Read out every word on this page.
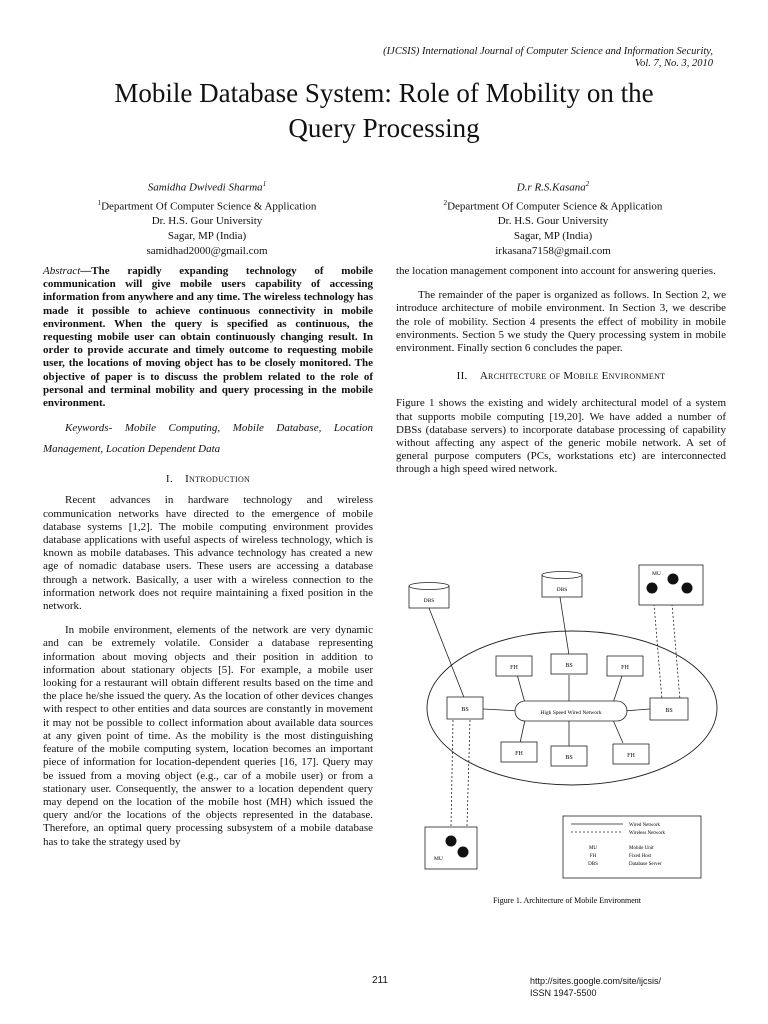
(IJCSIS) International Journal of Computer Science and Information Security,
Vol. 7, No. 3, 2010
Mobile Database System: Role of Mobility on the
Query Processing
Samidha Dwivedi Sharma$^1$
$^1$Department Of Computer Science & Application
Dr. H.S. Gour University
Sagar, MP (India)
samidhad2000@gmail.com
D.r R.S.Kasana$^2$
$^2$Department Of Computer Science & Application
Dr. H.S. Gour University
Sagar, MP (India)
irkasana7158@gmail.com

Abstract—The rapidly expanding technology of mobile communication will give mobile users capability of accessing information from anywhere and any time. The wireless technology has made it possible to achieve continuous connectivity in mobile environment. When the query is specified as continuous, the requesting mobile user can obtain continuously changing result. In order to provide accurate and timely outcome to requesting mobile user, the locations of moving object has to be closely monitored. The objective of paper is to discuss the problem related to the role of personal and terminal mobility and query processing in the mobile environment.

Keywords- Mobile Computing, Mobile Database, Location Management, Location Dependent Data

I. Introduction

Recent advances in hardware technology and wireless communication networks have directed to the emergence of mobile database systems [1,2]. The mobile computing environment provides database applications with useful aspects of wireless technology, which is known as mobile databases. This advance technology has created a new age of nomadic database users. These users are accessing a database through a network. Basically, a user with a wireless connection to the information network does not require maintaining a fixed position in the network.

In mobile environment, elements of the network are very dynamic and can be extremely volatile. Consider a database representing information about moving objects and their position in addition to information about stationary objects [5]. For example, a mobile user looking for a restaurant will obtain different results based on the time and the place he/she issued the query. As the location of other devices changes with respect to other entities and data sources are constantly in movement it may not be possible to collect information about available data sources at any given point of time. As the mobility is the most distinguishing feature of the mobile computing system, location becomes an important piece of information for location-dependent queries [16, 17]. Query may be issued from a moving object (e.g., car of a mobile user) or from a stationary user. Consequently, the answer to a location dependent query may depend on the location of the mobile host (MH) which issued the query and/or the locations of the objects represented in the database. Therefore, an optimal query processing subsystem of a mobile database has to take the strategy used by

the location management component into account for answering queries.

The remainder of the paper is organized as follows. In Section 2, we introduce architecture of mobile environment. In Section 3, we describe the role of mobility. Section 4 presents the effect of mobility in mobile environments. Section 5 we study the Query processing system in mobile environment. Finally section 6 concludes the paper.

II. Architecture of Mobile Environment

Figure 1 shows the existing and widely architectural model of a system that supports mobile computing [19,20]. We have added a number of DBSs (database servers) to incorporate database processing of capability without affecting any aspect of the generic mobile network. A set of general purpose computers (PCs, workstations etc) are interconnected through a high speed wired network.

DBS
DBS
FH	FH
FH	FH
BS
BS	BS
BS
High Speed Wired Network
MU
MU
Wired Network
Wireless Network
MU	Mobile Unit
FH	Fixed Host
DBS	Database Server
Figure 1. Architecture of Mobile Environment
211	http://sites.google.com/site/ijcsis/
ISSN 1947-5500
